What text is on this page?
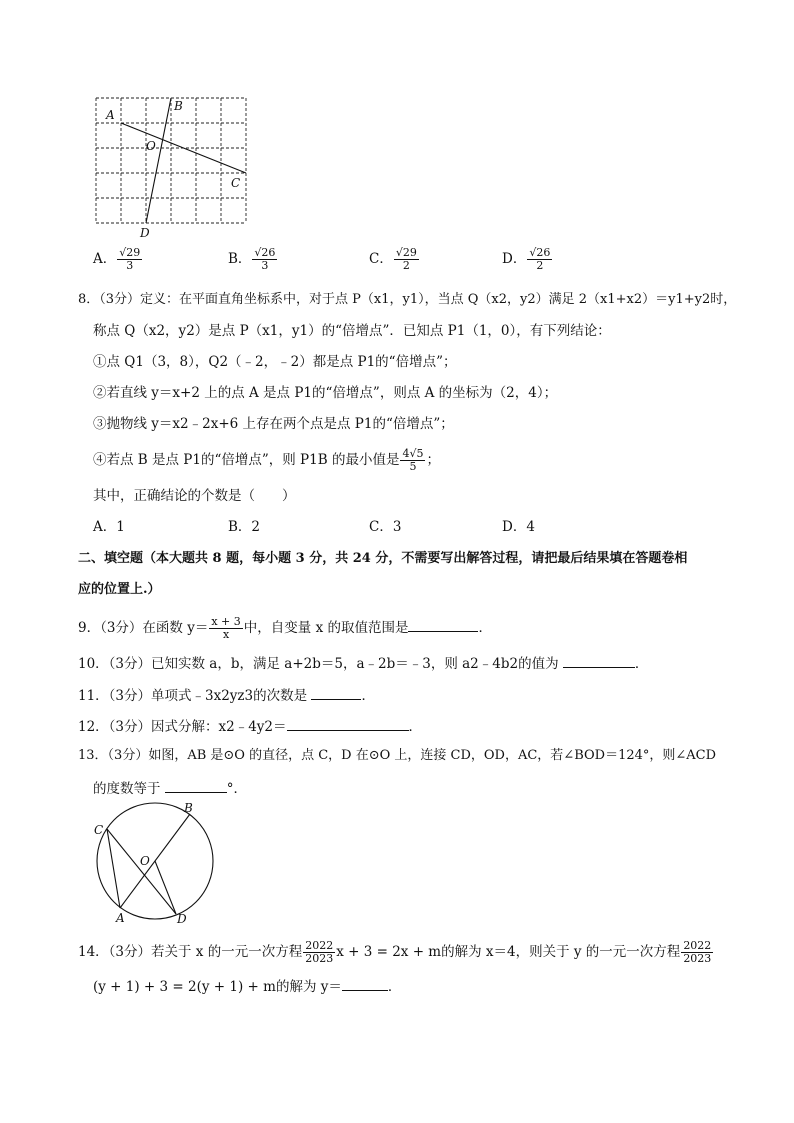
A
B
O
C
D
A． $\frac{√29}{3}$	B． $\frac{√26}{3}$	C． $\frac{√29}{2}$	D． $\frac{√26}{2}$
8．（3分）定义：在平面直角坐标系中，对于点 P（x1，y1），当点 Q（x2，y2）满足 2（x1+x2）＝y1+y2时，
称点 Q（x2，y2）是点 P（x1，y1）的“倍增点”．已知点 P1（1，0），有下列结论：
①点 Q1（3，8），Q2（﹣2，﹣2）都是点 P1的“倍增点”；
②若直线 y＝x+2 上的点 A 是点 P1的“倍增点”，则点 A 的坐标为（2，4）；
③抛物线 y＝x2﹣2x+6 上存在两个点是点 P1的“倍增点”；
④若点 B 是点 P1的“倍增点”，则 P1B 的最小值是 $\frac{4√5}{5}$ ；
其中，正确结论的个数是（　　）
A．1	B．2	C．3	D．4
二、填空题（本大题共 8 题，每小题 3 分，共 24 分，不需要写出解答过程，请把最后结果填在答题卷相
应的位置上.）
9．（3分）在函数 $y= \frac{x + 3}{x}$ 中，自变量 x 的取值范围是	．
10．（3分）已知实数 a，b，满足 a+2b＝5，a﹣2b＝﹣3，则 a2﹣4b2的值为	．
11．（3分）单项式﹣3x2yz3的次数是	．
12．（3分）因式分解：x2﹣4y2＝	．
13．（3分）如图，AB 是⊙O 的直径，点 C，D 在⊙O 上，连接 CD，OD，AC，若∠BOD＝124°，则∠ACD
的度数等于	°．
B
C
O
A	D
14．（3分）若关于 x 的一元一次方程 $\frac{2022}{2023}$ x + 3 = 2x + m的解为 x＝4，则关于 y 的一元一次方程 $\frac{2022}{2023}$
(y + 1) + 3 = 2(y + 1) + m的解为 y＝	．
